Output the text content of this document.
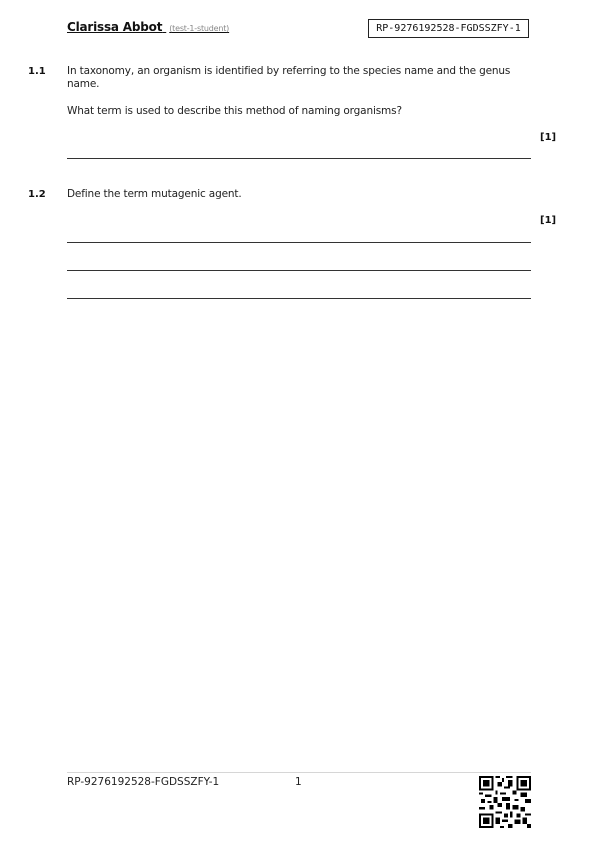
Clarissa Abbot (test-1-student)	RP-9276192528-FGDSSZFY-1
1.1 In taxonomy, an organism is identified by referring to the species name and the genus name.
What term is used to describe this method of naming organisms?
[1]
1.2 Define the term mutagenic agent.
[1]
RP-9276192528-FGDSSZFY-1	1
